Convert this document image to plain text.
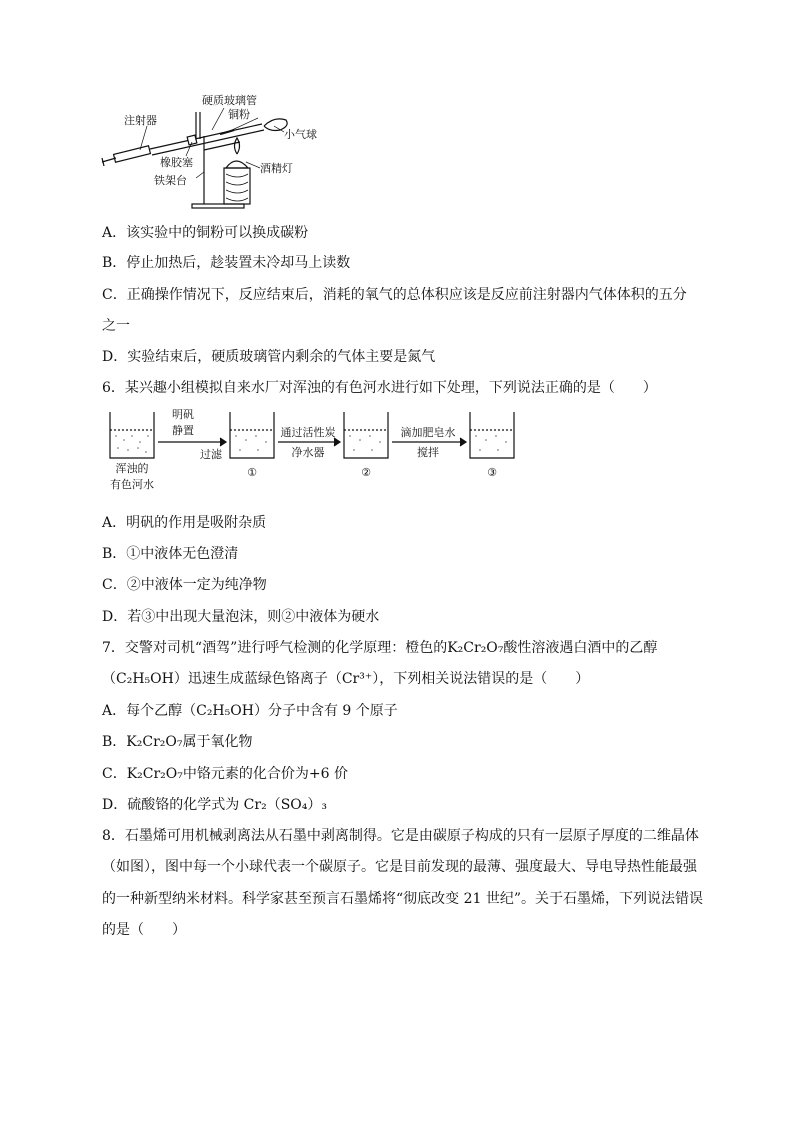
硬质玻璃管
铜粉
注射器
小气球
橡胶塞	酒精灯
铁架台
A．该实验中的铜粉可以换成碳粉
B．停止加热后，趁装置未冷却马上读数
C．正确操作情况下，反应结束后，消耗的氧气的总体积应该是反应前注射器内气体体积的五分
之一
D．实验结束后，硬质玻璃管内剩余的气体主要是氮气
6．某兴趣小组模拟自来水厂对浑浊的有色河水进行如下处理，下列说法正确的是（　　）
浑浊的
有色河水
明矾
静置
过滤
①
通过活性炭
净水器
②
滴加肥皂水
搅拌
③
A．明矾的作用是吸附杂质
B．①中液体无色澄清
C．②中液体一定为纯净物
D．若③中出现大量泡沫，则②中液体为硬水
7．交警对司机“酒驾”进行呼气检测的化学原理：橙色的K₂Cr₂O₇酸性溶液遇白酒中的乙醇
（C₂H₅OH）迅速生成蓝绿色铬离子（Cr³⁺），下列相关说法错误的是（　　）
A．每个乙醇（C₂H₅OH）分子中含有 9 个原子
B．K₂Cr₂O₇属于氧化物
C．K₂Cr₂O₇中铬元素的化合价为+6 价
D．硫酸铬的化学式为 Cr₂（SO₄）₃
8．石墨烯可用机械剥离法从石墨中剥离制得。它是由碳原子构成的只有一层原子厚度的二维晶体
（如图），图中每一个小球代表一个碳原子。它是目前发现的最薄、强度最大、导电导热性能最强
的一种新型纳米材料。科学家甚至预言石墨烯将“彻底改变 21 世纪”。关于石墨烯，下列说法错误
的是（　　）
